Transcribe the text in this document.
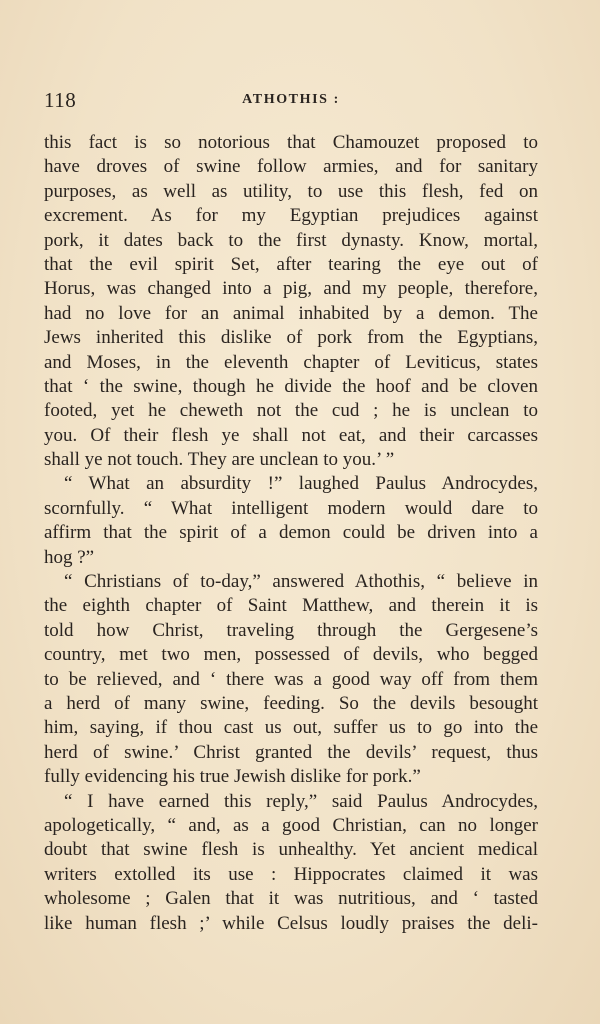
118	ATHOTHIS :
this fact is so notorious that Chamouzet proposed to
have droves of swine follow armies, and for sanitary
purposes, as well as utility, to use this flesh, fed on
excrement. As for my Egyptian prejudices against
pork, it dates back to the first dynasty. Know, mortal,
that the evil spirit Set, after tearing the eye out of
Horus, was changed into a pig, and my people, therefore,
had no love for an animal inhabited by a demon. The
Jews inherited this dislike of pork from the Egyptians,
and Moses, in the eleventh chapter of Leviticus, states
that ‘ the swine, though he divide the hoof and be cloven
footed, yet he cheweth not the cud ; he is unclean to
you. Of their flesh ye shall not eat, and their carcasses
shall ye not touch. They are unclean to you.’ ”
“ What an absurdity !” laughed Paulus Androcydes,
scornfully. “ What intelligent modern would dare to
affirm that the spirit of a demon could be driven into a
hog ?”
“ Christians of to-day,” answered Athothis, “ believe in
the eighth chapter of Saint Matthew, and therein it is
told how Christ, traveling through the Gergesene’s
country, met two men, possessed of devils, who begged
to be relieved, and ‘ there was a good way off from them
a herd of many swine, feeding. So the devils besought
him, saying, if thou cast us out, suffer us to go into the
herd of swine.’ Christ granted the devils’ request, thus
fully evidencing his true Jewish dislike for pork.”
“ I have earned this reply,” said Paulus Androcydes,
apologetically, “ and, as a good Christian, can no longer
doubt that swine flesh is unhealthy. Yet ancient medical
writers extolled its use : Hippocrates claimed it was
wholesome ; Galen that it was nutritious, and ‘ tasted
like human flesh ;’ while Celsus loudly praises the deli-
